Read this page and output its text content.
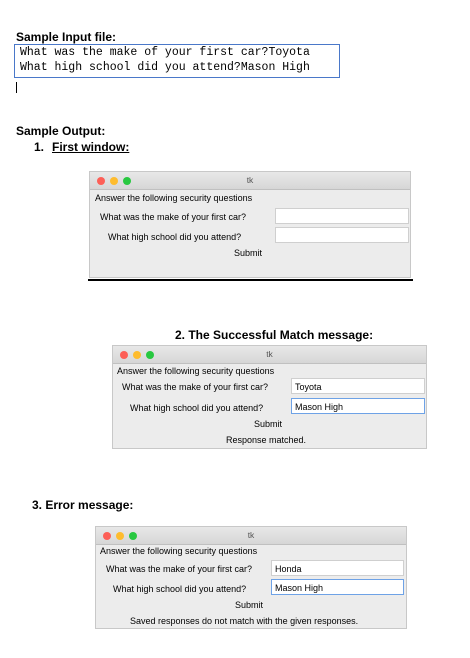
Sample Input file:
What was the make of your first car?Toyota
What high school did you attend?Mason High
Sample Output:
1. First window:
tk
Answer the following security questions
What was the make of your first car?
What high school did you attend?
Submit
2. The Successful Match message:
tk
Answer the following security questions
What was the make of your first car?	Toyota
What high school did you attend?	Mason High
Submit
Response matched.
3. Error message:
tk
Answer the following security questions
What was the make of your first car?	Honda
What high school did you attend?	Mason High
Submit
Saved responses do not match with the given responses.
